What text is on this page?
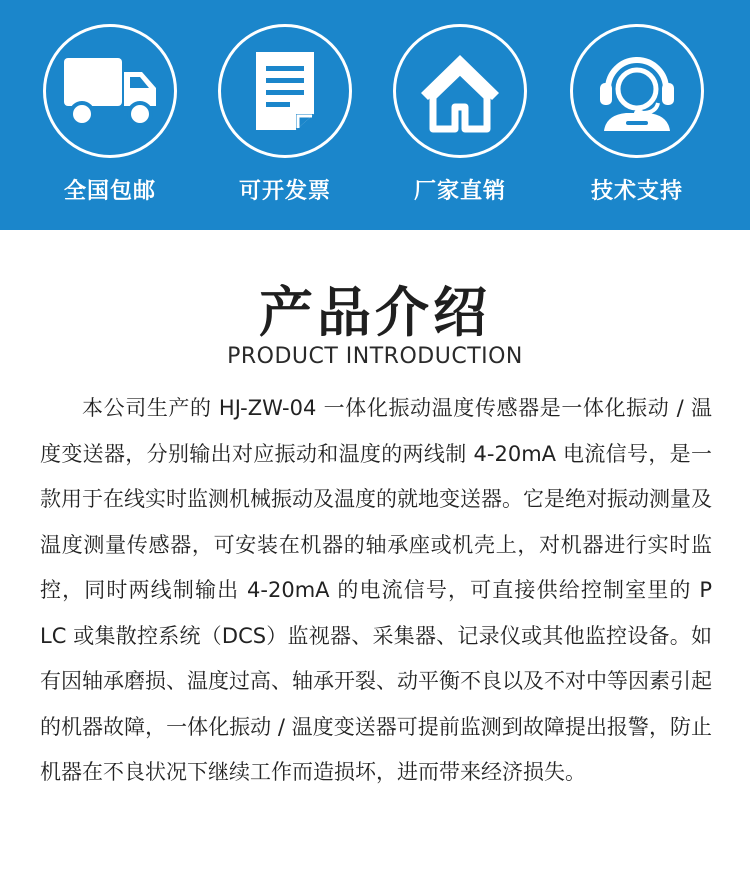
全国包邮	可开发票	厂家直销	技术支持
产品介绍
PRODUCT INTRODUCTION

本公司生产的 HJ-ZW-04 一体化振动温度传感器是一体化振动 / 温度变送器，分别输出对应振动和温度的两线制 4-20mA 电流信号，是一款用于在线实时监测机械振动及温度的就地变送器。它是绝对振动测量及温度测量传感器，可安装在机器的轴承座或机壳上，对机器进行实时监控，同时两线制输出 4-20mA 的电流信号，可直接供给控制室里的 P LC 或集散控系统（DCS）监视器、采集器、记录仪或其他监控设备。如有因轴承磨损、温度过高、轴承开裂、动平衡不良以及不对中等因素引起的机器故障，一体化振动 / 温度变送器可提前监测到故障提出报警，防止机器在不良状况下继续工作而造损坏，进而带来经济损失。
